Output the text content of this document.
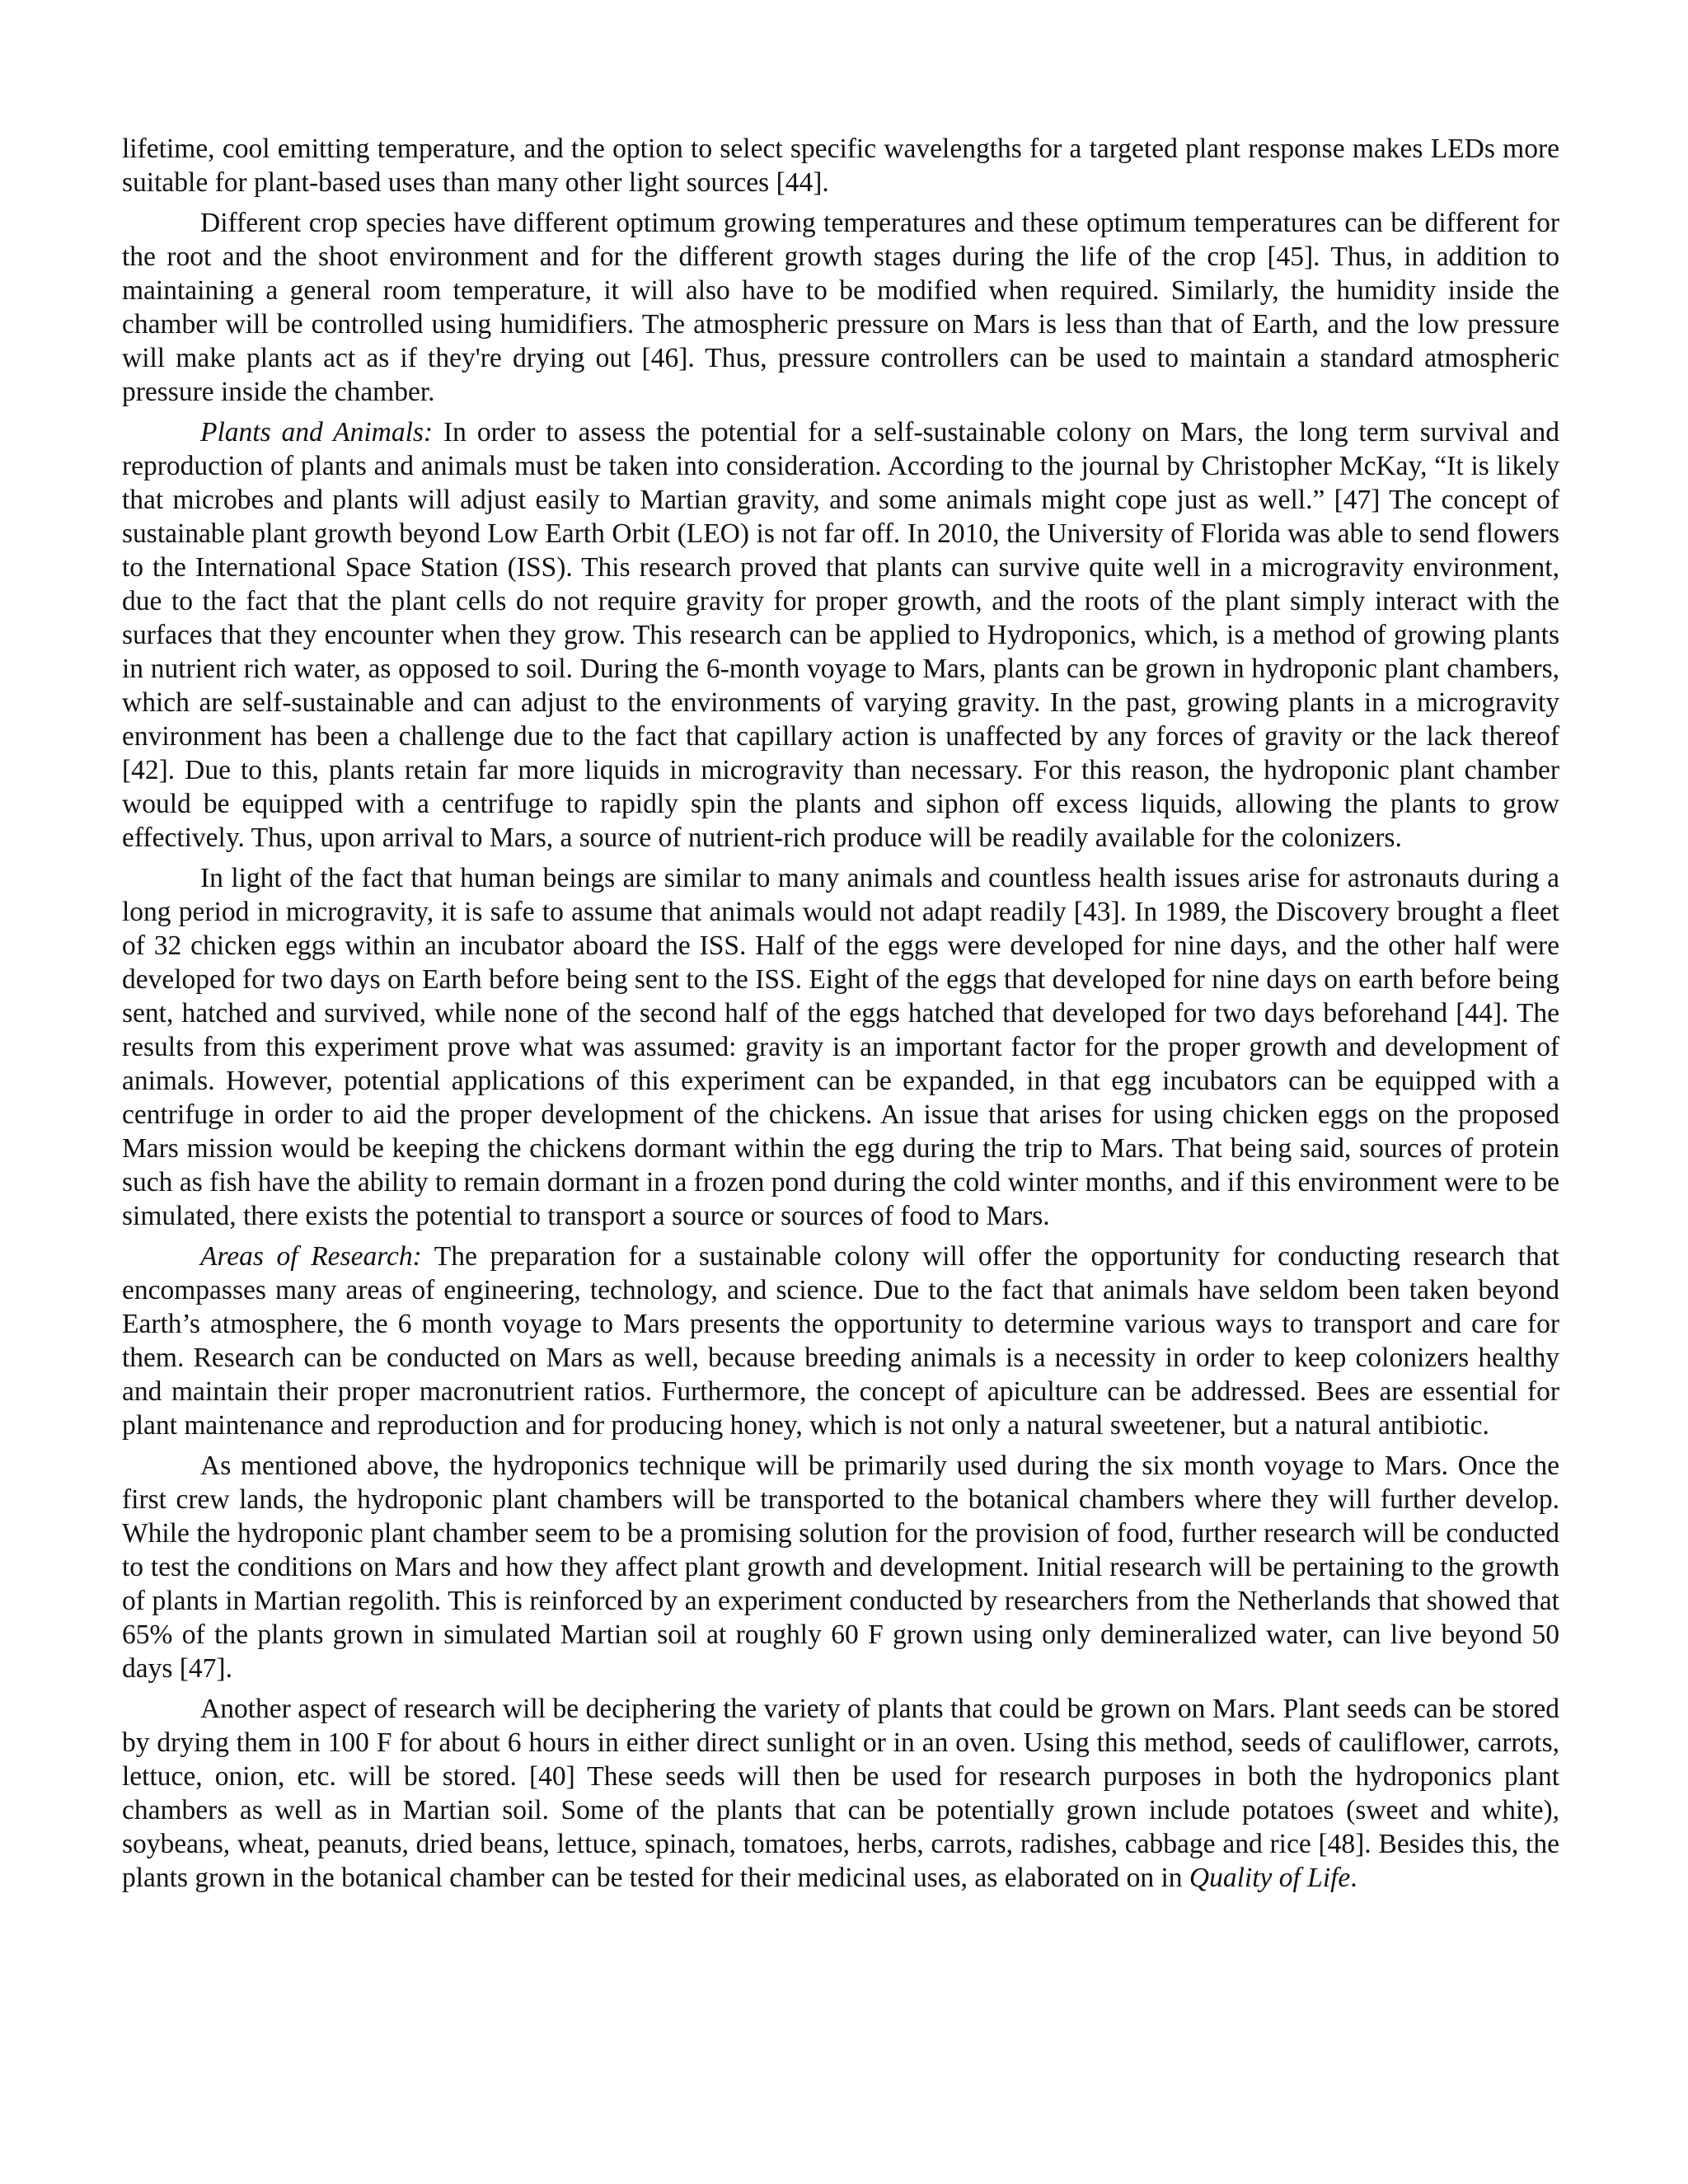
lifetime, cool emitting temperature, and the option to select specific wavelengths for a targeted plant response makes LEDs more suitable for plant-based uses than many other light sources [44].

Different crop species have different optimum growing temperatures and these optimum temperatures can be different for the root and the shoot environment and for the different growth stages during the life of the crop [45]. Thus, in addition to maintaining a general room temperature, it will also have to be modified when required. Similarly, the humidity inside the chamber will be controlled using humidifiers. The atmospheric pressure on Mars is less than that of Earth, and the low pressure will make plants act as if they're drying out [46]. Thus, pressure controllers can be used to maintain a standard atmospheric pressure inside the chamber.

Plants and Animals: In order to assess the potential for a self-sustainable colony on Mars, the long term survival and reproduction of plants and animals must be taken into consideration. According to the journal by Christopher McKay, “It is likely that microbes and plants will adjust easily to Martian gravity, and some animals might cope just as well.” [47] The concept of sustainable plant growth beyond Low Earth Orbit (LEO) is not far off. In 2010, the University of Florida was able to send flowers to the International Space Station (ISS). This research proved that plants can survive quite well in a microgravity environment, due to the fact that the plant cells do not require gravity for proper growth, and the roots of the plant simply interact with the surfaces that they encounter when they grow. This research can be applied to Hydroponics, which, is a method of growing plants in nutrient rich water, as opposed to soil. During the 6-month voyage to Mars, plants can be grown in hydroponic plant chambers, which are self-sustainable and can adjust to the environments of varying gravity. In the past, growing plants in a microgravity environment has been a challenge due to the fact that capillary action is unaffected by any forces of gravity or the lack thereof [42]. Due to this, plants retain far more liquids in microgravity than necessary. For this reason, the hydroponic plant chamber would be equipped with a centrifuge to rapidly spin the plants and siphon off excess liquids, allowing the plants to grow effectively. Thus, upon arrival to Mars, a source of nutrient-rich produce will be readily available for the colonizers.

In light of the fact that human beings are similar to many animals and countless health issues arise for astronauts during a long period in microgravity, it is safe to assume that animals would not adapt readily [43]. In 1989, the Discovery brought a fleet of 32 chicken eggs within an incubator aboard the ISS. Half of the eggs were developed for nine days, and the other half were developed for two days on Earth before being sent to the ISS. Eight of the eggs that developed for nine days on earth before being sent, hatched and survived, while none of the second half of the eggs hatched that developed for two days beforehand [44]. The results from this experiment prove what was assumed: gravity is an important factor for the proper growth and development of animals. However, potential applications of this experiment can be expanded, in that egg incubators can be equipped with a centrifuge in order to aid the proper development of the chickens. An issue that arises for using chicken eggs on the proposed Mars mission would be keeping the chickens dormant within the egg during the trip to Mars. That being said, sources of protein such as fish have the ability to remain dormant in a frozen pond during the cold winter months, and if this environment were to be simulated, there exists the potential to transport a source or sources of food to Mars.

Areas of Research: The preparation for a sustainable colony will offer the opportunity for conducting research that encompasses many areas of engineering, technology, and science. Due to the fact that animals have seldom been taken beyond Earth’s atmosphere, the 6 month voyage to Mars presents the opportunity to determine various ways to transport and care for them. Research can be conducted on Mars as well, because breeding animals is a necessity in order to keep colonizers healthy and maintain their proper macronutrient ratios. Furthermore, the concept of apiculture can be addressed. Bees are essential for plant maintenance and reproduction and for producing honey, which is not only a natural sweetener, but a natural antibiotic.

As mentioned above, the hydroponics technique will be primarily used during the six month voyage to Mars. Once the first crew lands, the hydroponic plant chambers will be transported to the botanical chambers where they will further develop. While the hydroponic plant chamber seem to be a promising solution for the provision of food, further research will be conducted to test the conditions on Mars and how they affect plant growth and development. Initial research will be pertaining to the growth of plants in Martian regolith. This is reinforced by an experiment conducted by researchers from the Netherlands that showed that 65% of the plants grown in simulated Martian soil at roughly 60 F grown using only demineralized water, can live beyond 50 days [47].

Another aspect of research will be deciphering the variety of plants that could be grown on Mars. Plant seeds can be stored by drying them in 100 F for about 6 hours in either direct sunlight or in an oven. Using this method, seeds of cauliflower, carrots, lettuce, onion, etc. will be stored. [40] These seeds will then be used for research purposes in both the hydroponics plant chambers as well as in Martian soil. Some of the plants that can be potentially grown include potatoes (sweet and white), soybeans, wheat, peanuts, dried beans, lettuce, spinach, tomatoes, herbs, carrots, radishes, cabbage and rice [48]. Besides this, the plants grown in the botanical chamber can be tested for their medicinal uses, as elaborated on in Quality of Life.
